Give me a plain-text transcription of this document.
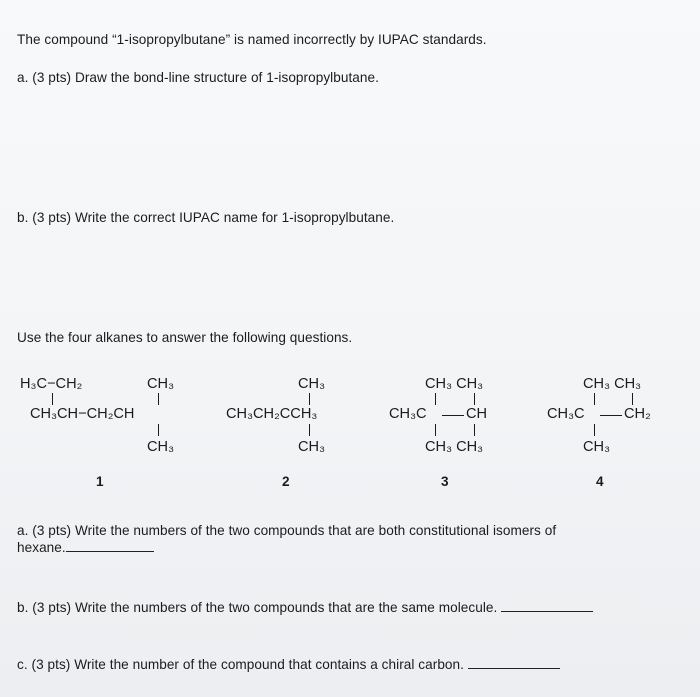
The compound “1-isopropylbutane” is named incorrectly by IUPAC standards.
a. (3 pts) Draw the bond-line structure of 1-isopropylbutane.
b. (3 pts) Write the correct IUPAC name for 1-isopropylbutane.
Use the four alkanes to answer the following questions.
H₃C−CH₂	CH₃
CH₃CH−CH₂CH
CH₃
1
CH₃
CH₃CH₂CCH₃
CH₃
2
CH₃ CH₃
CH₃C	CH
CH₃ CH₃
3
CH₃ CH₃
CH₃C	CH₂
CH₃
4
a. (3 pts) Write the numbers of the two compounds that are both constitutional isomers of
hexane.
b. (3 pts) Write the numbers of the two compounds that are the same molecule.
c. (3 pts) Write the number of the compound that contains a chiral carbon.
